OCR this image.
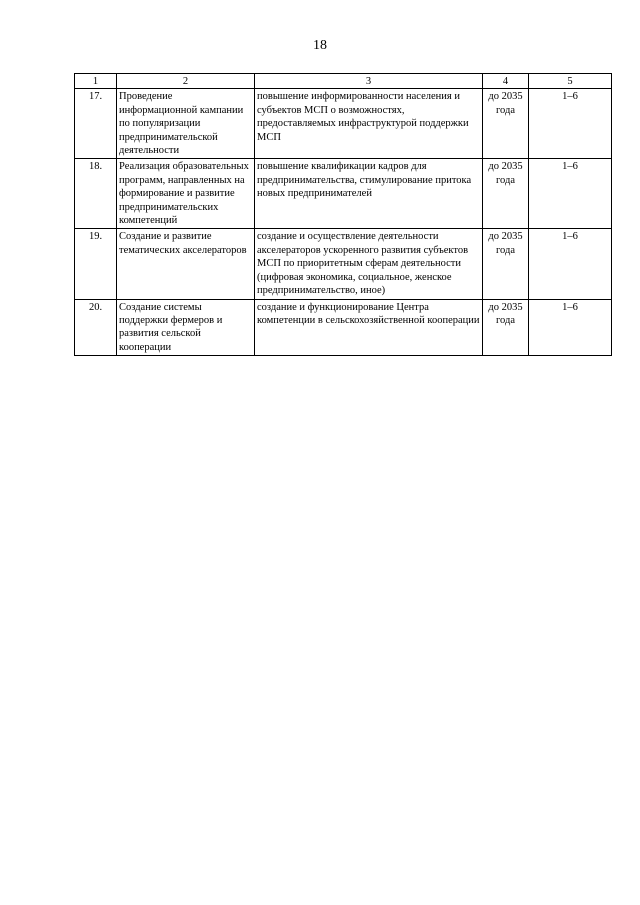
18
1	2	3	4	5
17.	Проведение информационной кампании по популяризации предпринимательской деятельности	повышение информированности населения и субъектов МСП о возможностях, предоставляемых инфраструктурой поддержки МСП	до 2035 года	1–6
18.	Реализация образовательных программ, направленных на формирование и развитие предпринимательских компетенций	повышение квалификации кадров для предпринимательства, стимулирование притока новых предпринимателей	до 2035 года	1–6
19.	Создание и развитие тематических акселераторов	создание и осуществление деятельности акселераторов ускоренного развития субъектов МСП по приоритетным сферам деятельности (цифровая экономика, социальное, женское предпринимательство, иное)	до 2035 года	1–6
20.	Создание системы поддержки фермеров и развития сельской кооперации	создание и функционирование Центра компетенции в сельскохозяйственной кооперации	до 2035 года	1–6
